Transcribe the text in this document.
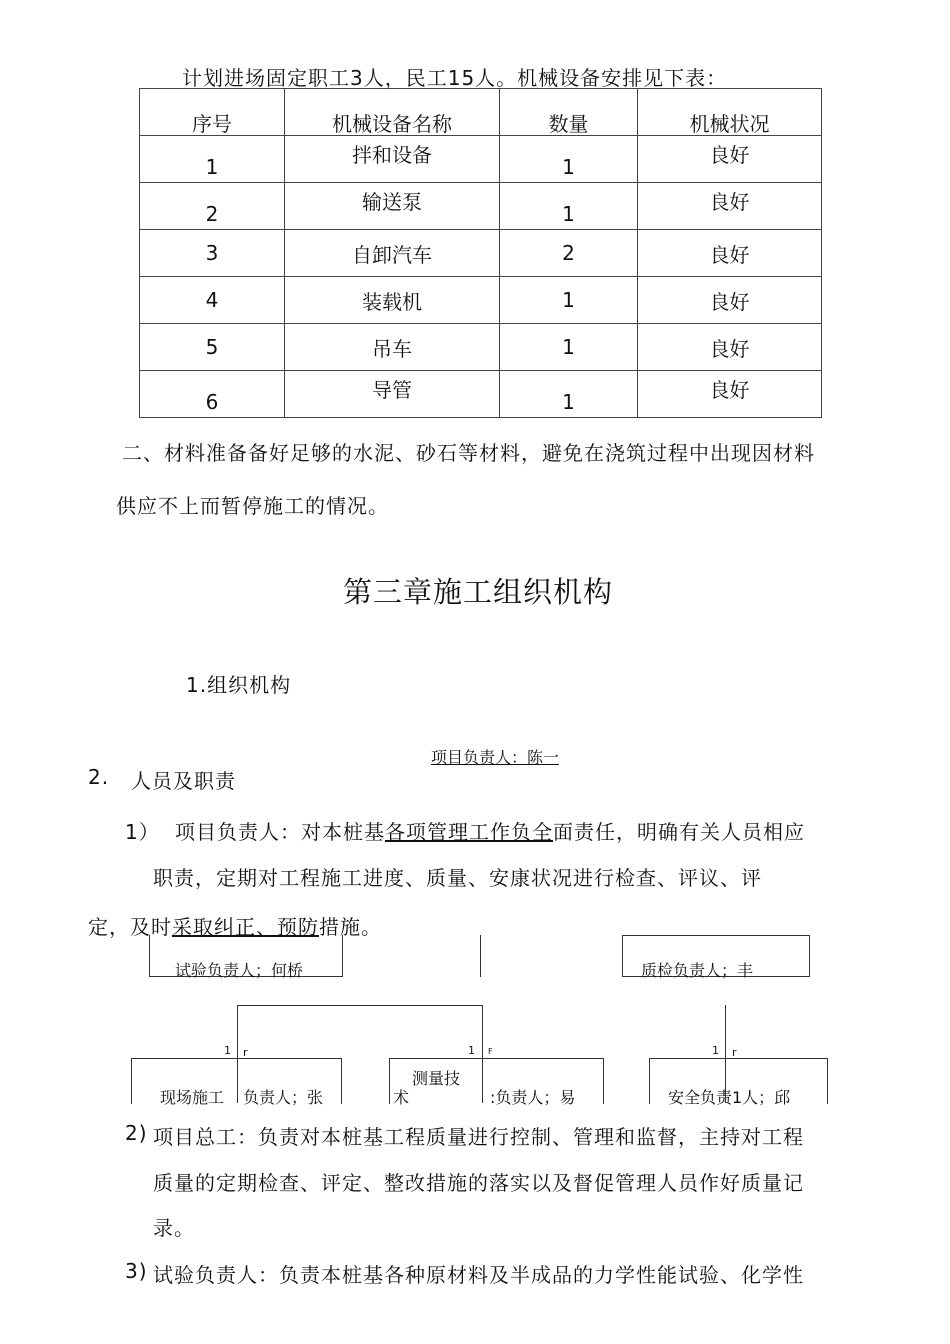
计划进场固定职工3人，民工15人。机械设备安排见下表：
序号	机械设备名称	数量	机械状况
1	拌和设备	1	良好
2	输送泵	1	良好
3	自卸汽车	2	良好
4	装载机	1	良好
5	吊车	1	良好
6	导管	1	良好
二、材料准备备好足够的水泥、砂石等材料，避免在浇筑过程中出现因材料
供应不上而暂停施工的情况。
第三章施工组织机构
1.组织机构
项目负责人：陈一
2. 人员及职责
1） 项目负责人：对本桩基各项管理工作负全面责任，明确有关人员相应
职责，定期对工程施工进度、质量、安康状况进行检查、评议、评
定，及时采取纠正、预防措施。
试验负责人；何桥	质检负责人；丰
1 r	1 F	1 r
现场施工 负责人；张
测量技
术	:负责人；易	安全负责1人；邱
2) 项目总工：负责对本桩基工程质量进行控制、管理和监督，主持对工程
质量的定期检查、评定、整改措施的落实以及督促管理人员作好质量记
录。
3) 试验负责人：负责本桩基各种原材料及半成品的力学性能试验、化学性
